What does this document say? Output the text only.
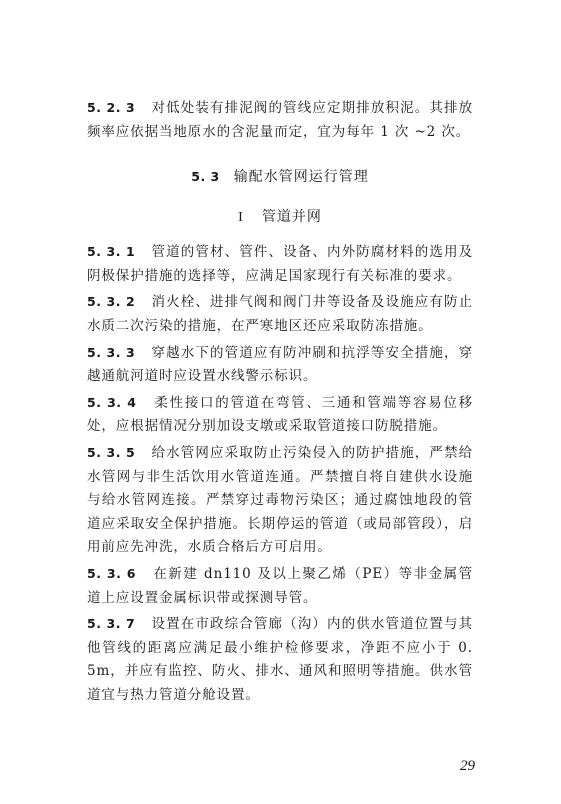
5. 2. 3 对低处装有排泥阀的管线应定期排放积泥。其排放频率应依据当地原水的含泥量而定，宜为每年 1 次 ~2 次。

5. 3 输配水管网运行管理
I 管道并网

5. 3. 1 管道的管材、管件、设备、内外防腐材料的选用及阴极保护措施的选择等，应满足国家现行有关标准的要求。

5. 3. 2 消火栓、进排气阀和阀门井等设备及设施应有防止水质二次污染的措施，在严寒地区还应采取防冻措施。

5. 3. 3 穿越水下的管道应有防冲刷和抗浮等安全措施，穿越通航河道时应设置水线警示标识。

5. 3. 4 柔性接口的管道在弯管、三通和管端等容易位移处，应根据情况分别加设支墩或采取管道接口防脱措施。

5. 3. 5 给水管网应采取防止污染侵入的防护措施，严禁给水管网与非生活饮用水管道连通。严禁擅自将自建供水设施与给水管网连接。严禁穿过毒物污染区；通过腐蚀地段的管道应采取安全保护措施。长期停运的管道（或局部管段），启用前应先冲洗，水质合格后方可启用。

5. 3. 6 在新建 dn110 及以上聚乙烯（PE）等非金属管道上应设置金属标识带或探测导管。

5. 3. 7 设置在市政综合管廊（沟）内的供水管道位置与其他管线的距离应满足最小维护检修要求，净距不应小于 0. 5m，并应有监控、防火、排水、通风和照明等措施。供水管道宜与热力管道分舱设置。

29
